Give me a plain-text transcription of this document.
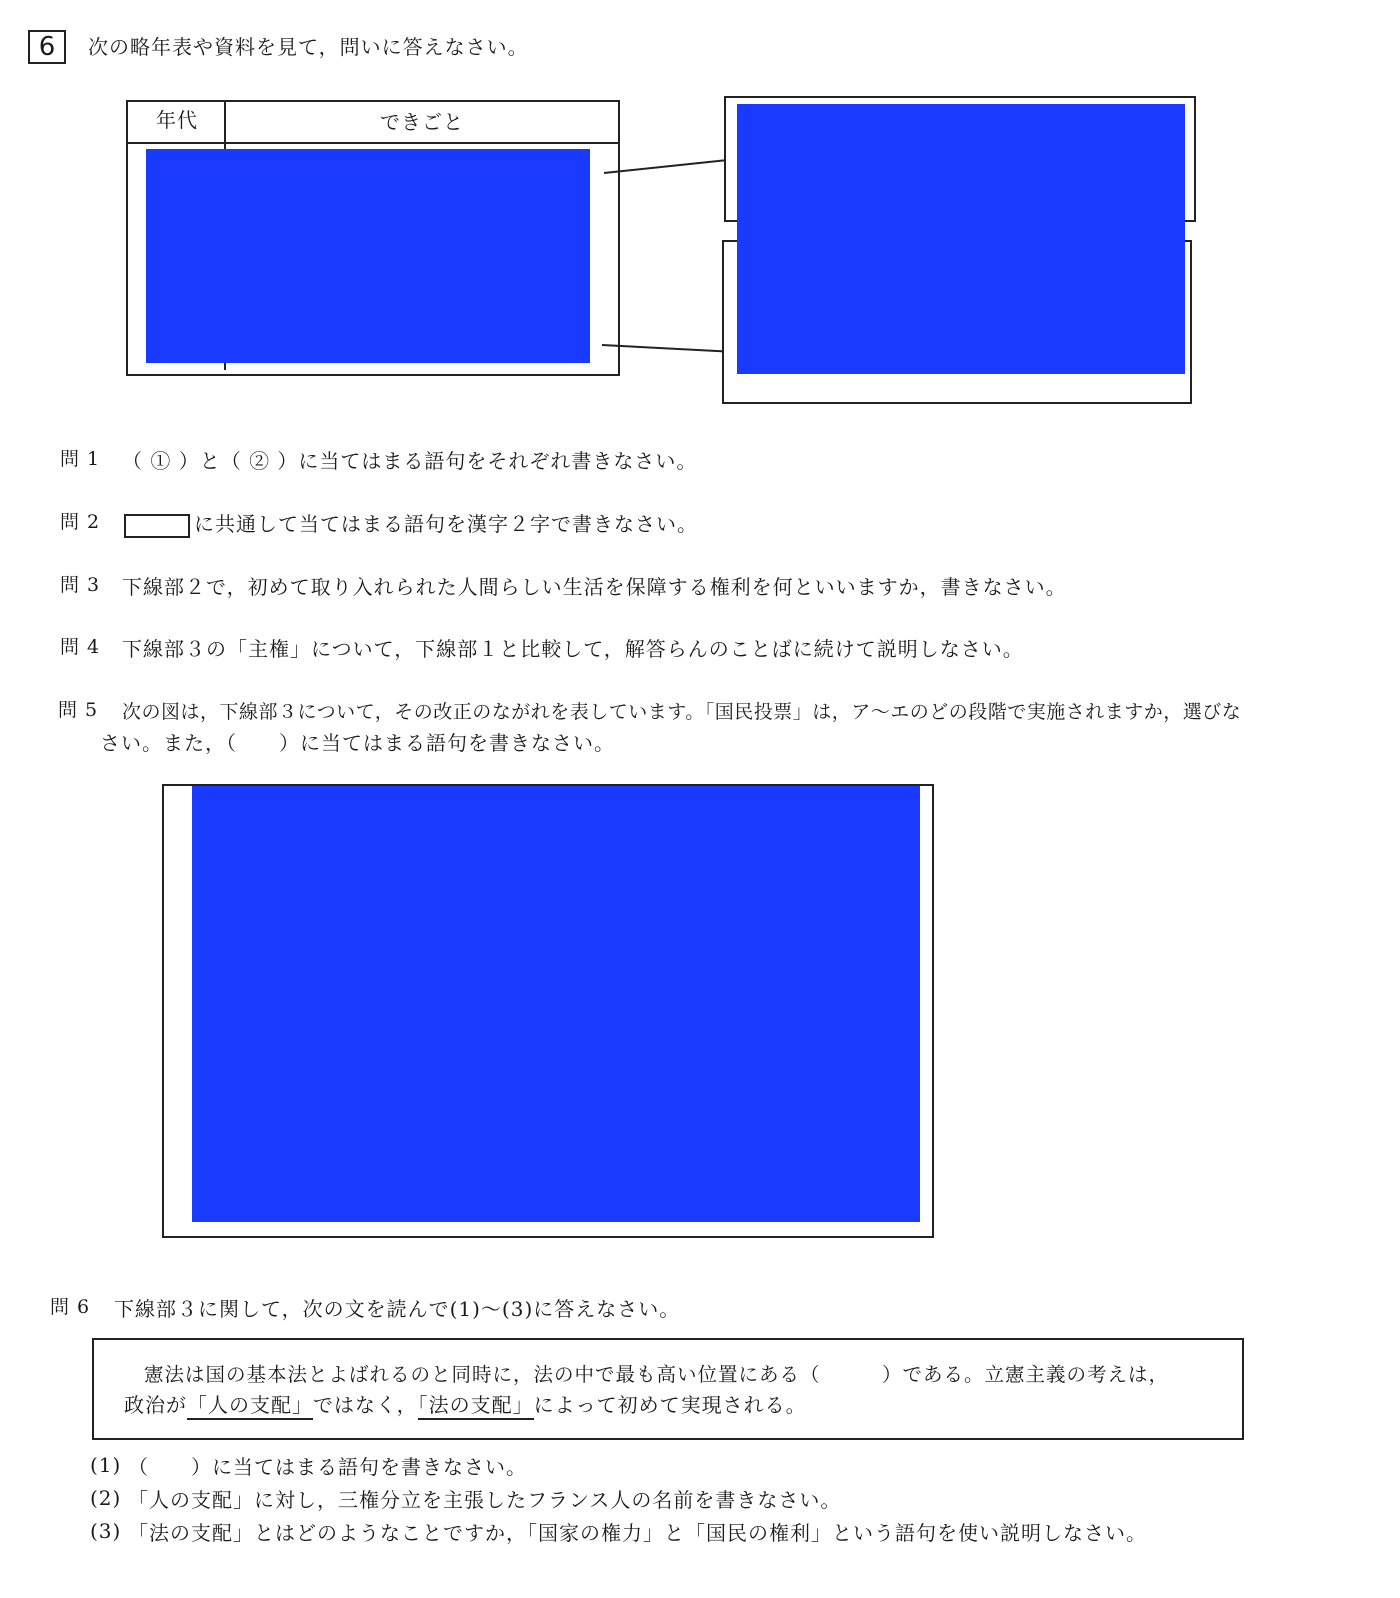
6	次の略年表や資料を見て，問いに答えなさい。
年代	できごと
問 1 （ ① ）と（ ② ）に当てはまる語句をそれぞれ書きなさい。
問 2	に共通して当てはまる語句を漢字２字で書きなさい。
問 3 下線部２で，初めて取り入れられた人間らしい生活を保障する権利を何といいますか，書きなさい。
問 4 下線部３の「主権」について，下線部１と比較して，解答らんのことばに続けて説明しなさい。
問 5 次の図は，下線部３について，その改正のながれを表しています。「国民投票」は，ア～エのどの段階で実施されますか，選びな
さい。また，（　　）に当てはまる語句を書きなさい。
問 6 下線部３に関して，次の文を読んで(1)～(3)に答えなさい。
憲法は国の基本法とよばれるのと同時に，法の中で最も高い位置にある（　　　）である。立憲主義の考えは，
政治が「人の支配」ではなく，「法の支配」によって初めて実現される。
(1) （　　）に当てはまる語句を書きなさい。
(2) 「人の支配」に対し，三権分立を主張したフランス人の名前を書きなさい。
(3) 「法の支配」とはどのようなことですか，「国家の権力」と「国民の権利」という語句を使い説明しなさい。
